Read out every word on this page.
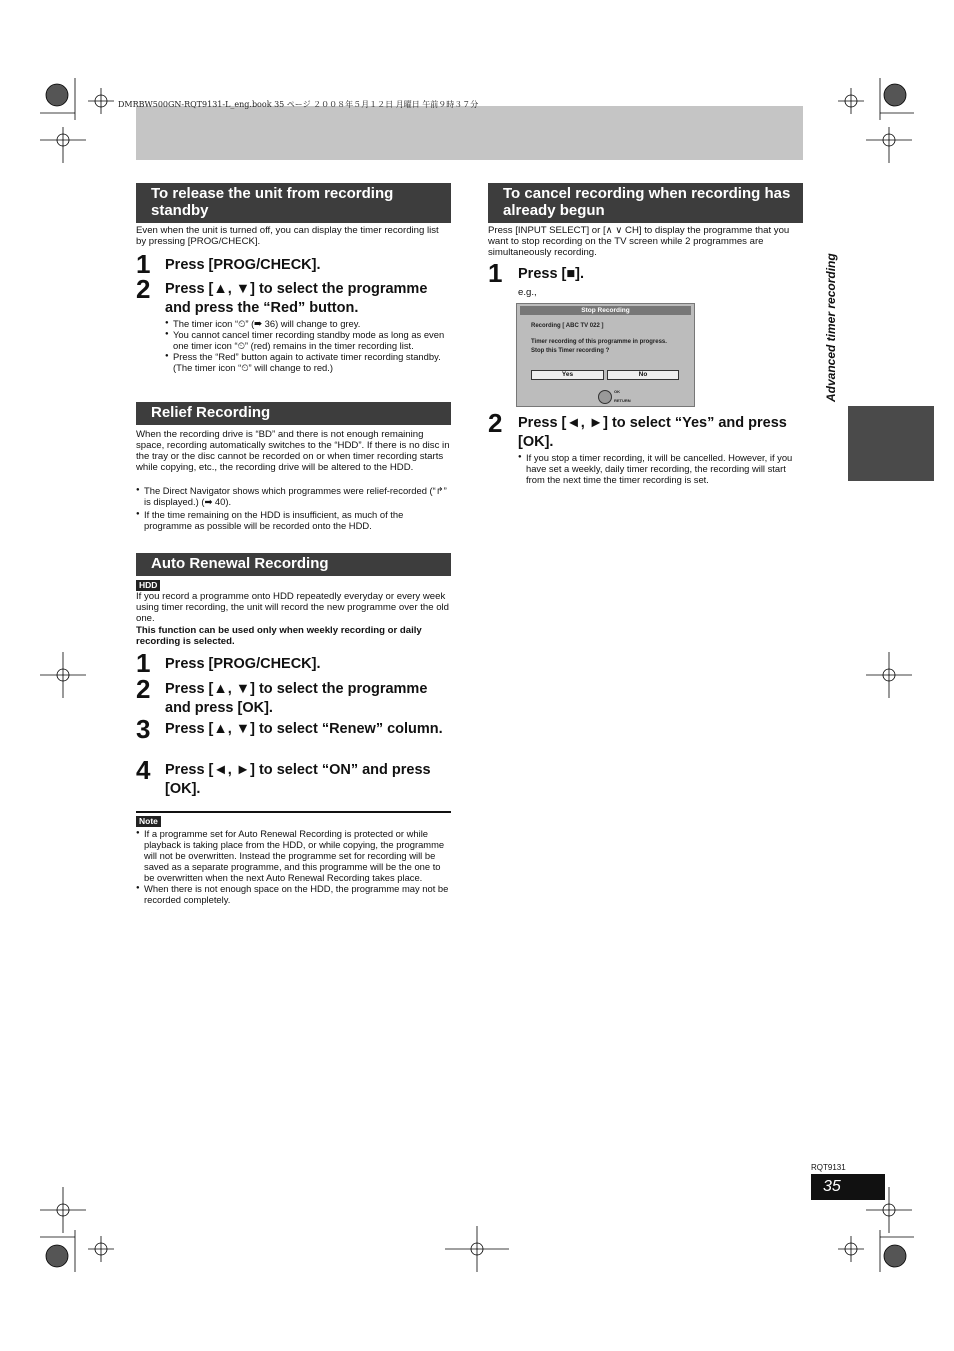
DMRBW500GN-RQT9131-L_eng.book 35 ページ ２００８年５月１２日 月曜日 午前９時３７分
To release the unit from recording standby
Even when the unit is turned off, you can display the timer recording list by pressing [PROG/CHECK].
1 Press [PROG/CHECK].
2 Press [▲, ▼] to select the programme and press the “Red” button.
● The timer icon “⏲” (➡ 36) will change to grey.
● You cannot cancel timer recording standby mode as long as even one timer icon “⏲” (red) remains in the timer recording list.
● Press the “Red” button again to activate timer recording standby. (The timer icon “⏲” will change to red.)
Relief Recording
When the recording drive is “BD” and there is not enough remaining space, recording automatically switches to the “HDD”. If there is no disc in the tray or the disc cannot be recorded on or when timer recording starts while copying, etc., the recording drive will be altered to the HDD.
● The Direct Navigator shows which programmes were relief-recorded (“↱” is displayed.) (➡ 40).
● If the time remaining on the HDD is insufficient, as much of the programme as possible will be recorded onto the HDD.
Auto Renewal Recording
HDD
If you record a programme onto HDD repeatedly everyday or every week using timer recording, the unit will record the new programme over the old one.
This function can be used only when weekly recording or daily recording is selected.
1 Press [PROG/CHECK].
2 Press [▲, ▼] to select the programme and press [OK].
3 Press [▲, ▼] to select “Renew” column.
4 Press [◄, ►] to select “ON” and press [OK].
Note
● If a programme set for Auto Renewal Recording is protected or while playback is taking place from the HDD, or while copying, the programme will not be overwritten. Instead the programme set for recording will be saved as a separate programme, and this programme will be the one to be overwritten when the next Auto Renewal Recording takes place.
● When there is not enough space on the HDD, the programme may not be recorded completely.
To cancel recording when recording has already begun
Press [INPUT SELECT] or [∧ ∨ CH] to display the programme that you want to stop recording on the TV screen while 2 programmes are simultaneously recording.
1 Press [■].
e.g.,
Stop Recording
Recording [ ABC TV 022 ]
Timer recording of this programme in progress.
Stop this Timer recording ?
Yes	No
OK
RETURN
2 Press [◄, ►] to select “Yes” and press [OK].
● If you stop a timer recording, it will be cancelled. However, if you have set a weekly, daily timer recording, the recording will start from the next time the timer recording is set.
Advanced timer recording
RQT9131
35
